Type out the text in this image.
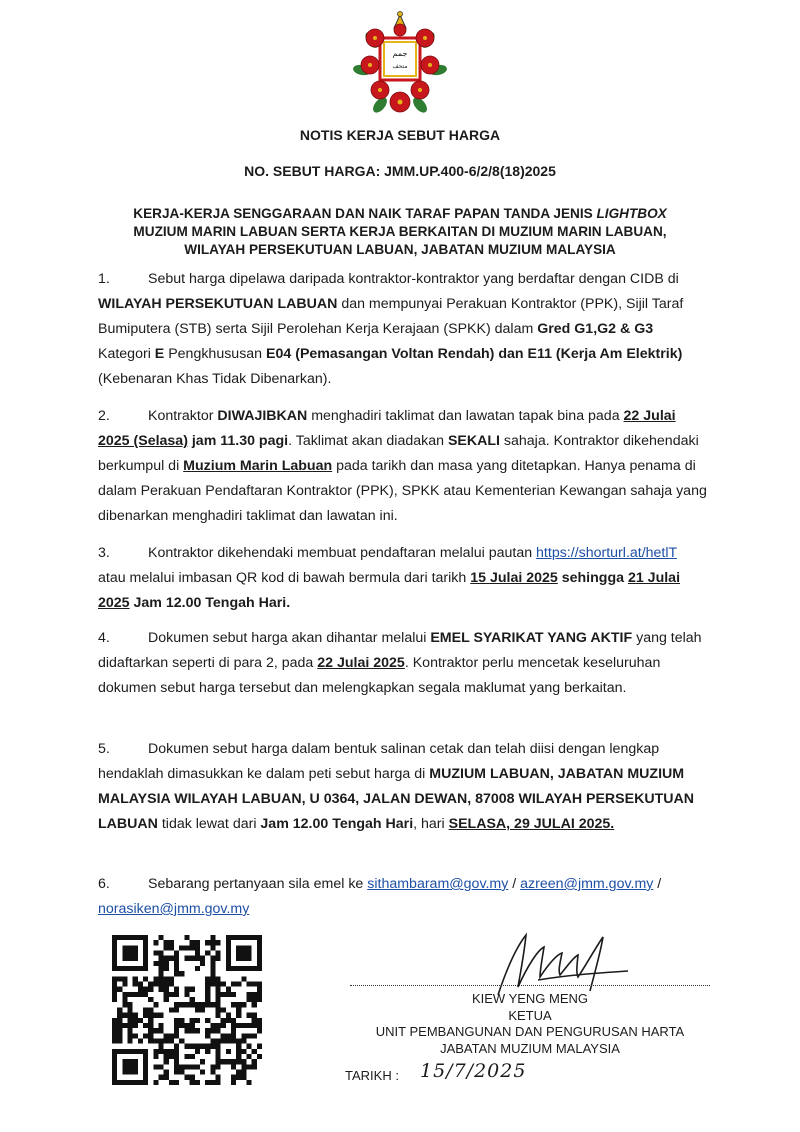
جمم
ﻣﺘﺤﻒ
NOTIS KERJA SEBUT HARGA
NO. SEBUT HARGA: JMM.UP.400-6/2/8(18)2025
KERJA-KERJA SENGGARAAN DAN NAIK TARAF PAPAN TANDA JENIS LIGHTBOX
MUZIUM MARIN LABUAN SERTA KERJA BERKAITAN DI MUZIUM MARIN LABUAN,
WILAYAH PERSEKUTUAN LABUAN, JABATAN MUZIUM MALAYSIA
1.	Sebut harga dipelawa daripada kontraktor-kontraktor yang berdaftar dengan CIDB di WILAYAH PERSEKUTUAN LABUAN dan mempunyai Perakuan Kontraktor (PPK), Sijil Taraf Bumiputera (STB) serta Sijil Perolehan Kerja Kerajaan (SPKK) dalam Gred G1,G2 & G3 Kategori E Pengkhususan E04 (Pemasangan Voltan Rendah) dan E11 (Kerja Am Elektrik) (Kebenaran Khas Tidak Dibenarkan).
2.	Kontraktor DIWAJIBKAN menghadiri taklimat dan lawatan tapak bina pada 22 Julai 2025 (Selasa) jam 11.30 pagi. Taklimat akan diadakan SEKALI sahaja. Kontraktor dikehendaki berkumpul di Muzium Marin Labuan pada tarikh dan masa yang ditetapkan. Hanya penama di dalam Perakuan Pendaftaran Kontraktor (PPK), SPKK atau Kementerian Kewangan sahaja yang dibenarkan menghadiri taklimat dan lawatan ini.
3.	Kontraktor dikehendaki membuat pendaftaran melalui pautan https://shorturl.at/hetlT atau melalui imbasan QR kod di bawah bermula dari tarikh 15 Julai 2025 sehingga 21 Julai 2025 Jam 12.00 Tengah Hari.
4.	Dokumen sebut harga akan dihantar melalui EMEL SYARIKAT YANG AKTIF yang telah didaftarkan seperti di para 2, pada 22 Julai 2025. Kontraktor perlu mencetak keseluruhan dokumen sebut harga tersebut dan melengkapkan segala maklumat yang berkaitan.
5.	Dokumen sebut harga dalam bentuk salinan cetak dan telah diisi dengan lengkap hendaklah dimasukkan ke dalam peti sebut harga di MUZIUM LABUAN, JABATAN MUZIUM MALAYSIA WILAYAH LABUAN, U 0364, JALAN DEWAN, 87008 WILAYAH PERSEKUTUAN LABUAN tidak lewat dari Jam 12.00 Tengah Hari, hari SELASA, 29 JULAI 2025.
6.	Sebarang pertanyaan sila emel ke sithambaram@gov.my / azreen@jmm.gov.my /
norasiken@jmm.gov.my
KIEW YENG MENG
KETUA
UNIT PEMBANGUNAN DAN PENGURUSAN HARTA
JABATAN MUZIUM MALAYSIA
TARIKH : 15/7/2025
